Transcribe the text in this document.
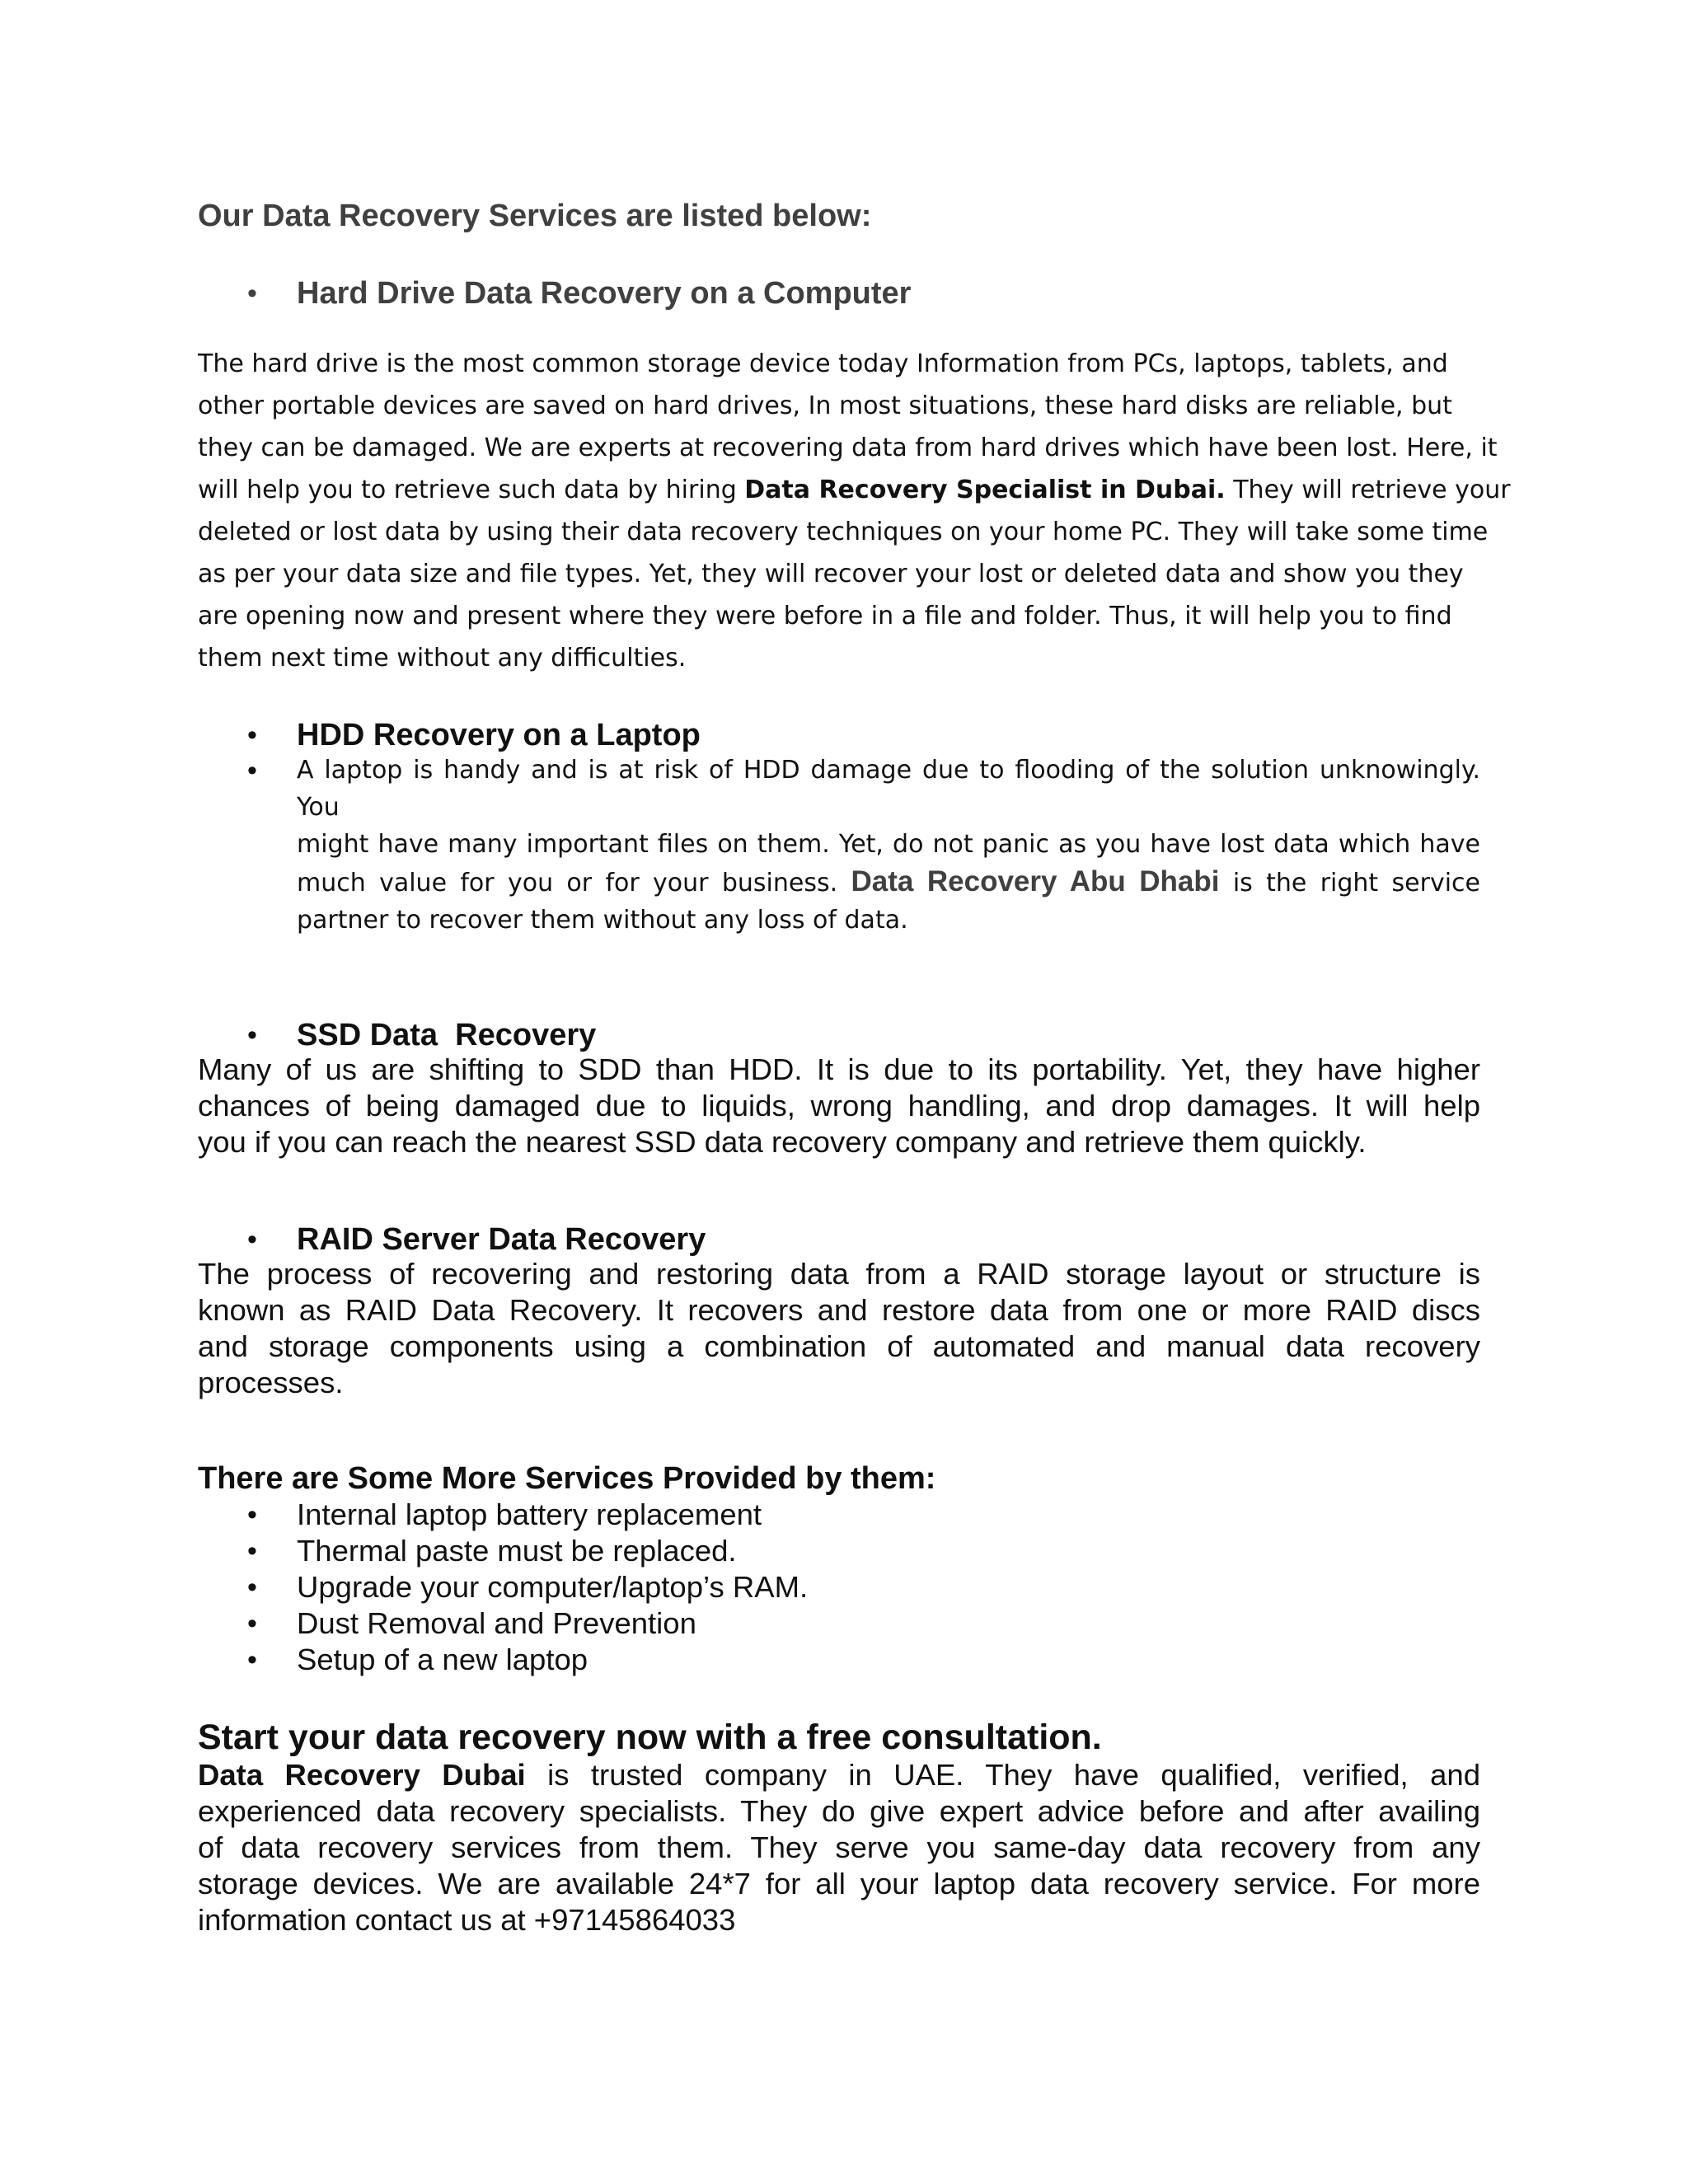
Our Data Recovery Services are listed below:
• Hard Drive Data Recovery on a Computer
The hard drive is the most common storage device today Information from PCs, laptops, tablets, and
other portable devices are saved on hard drives, In most situations, these hard disks are reliable, but
they can be damaged. We are experts at recovering data from hard drives which have been lost. Here, it
will help you to retrieve such data by hiring Data Recovery Specialist in Dubai. They will retrieve your
deleted or lost data by using their data recovery techniques on your home PC. They will take some time
as per your data size and file types. Yet, they will recover your lost or deleted data and show you they
are opening now and present where they were before in a file and folder. Thus, it will help you to find
them next time without any difficulties.
• HDD Recovery on a Laptop
• A laptop is handy and is at risk of HDD damage due to flooding of the solution unknowingly. You
might have many important files on them. Yet, do not panic as you have lost data which have
much value for you or for your business. Data Recovery Abu Dhabi is the right service
partner to recover them without any loss of data.
• SSD Data  Recovery
Many of us are shifting to SDD than HDD. It is due to its portability. Yet, they have higher
chances of being damaged due to liquids, wrong handling, and drop damages. It will help
you if you can reach the nearest SSD data recovery company and retrieve them quickly.
• RAID Server Data Recovery
The process of recovering and restoring data from a RAID storage layout or structure is
known as RAID Data Recovery. It recovers and restore data from one or more RAID discs
and storage components using a combination of automated and manual data recovery
processes.
There are Some More Services Provided by them:
• Internal laptop battery replacement
• Thermal paste must be replaced.
• Upgrade your computer/laptop’s RAM.
• Dust Removal and Prevention
• Setup of a new laptop
Start your data recovery now with a free consultation.
Data Recovery Dubai is trusted company in UAE. They have qualified, verified, and
experienced data recovery specialists. They do give expert advice before and after availing
of data recovery services from them. They serve you same-day data recovery from any
storage devices. We are available 24*7 for all your laptop data recovery service. For more
information contact us at +97145864033
